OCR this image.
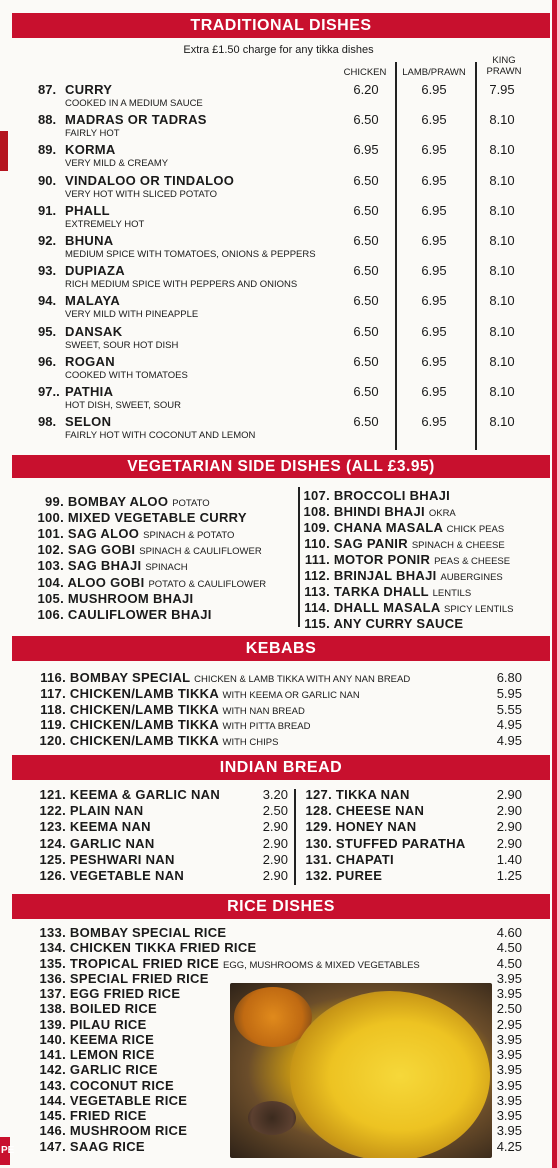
PE
TRADITIONAL DISHES
Extra £1.50 charge for any tikka dishes
CHICKEN	LAMB/PRAWN
KING PRAWN
87. CURRY
COOKED IN A MEDIUM SAUCE
6.20	6.95	7.95
88. MADRAS OR TADRAS
FAIRLY HOT
6.50	6.95	8.10
89. KORMA
VERY MILD & CREAMY
6.95	6.95	8.10
90. VINDALOO OR TINDALOO
VERY HOT WITH SLICED POTATO
6.50	6.95	8.10
91. PHALL
EXTREMELY HOT
6.50	6.95	8.10
92. BHUNA
MEDIUM SPICE WITH TOMATOES, ONIONS & PEPPERS
6.50	6.95	8.10
93. DUPIAZA
RICH MEDIUM SPICE WITH PEPPERS AND ONIONS
6.50	6.95	8.10
94. MALAYA
VERY MILD WITH PINEAPPLE
6.50	6.95	8.10
95. DANSAK
SWEET, SOUR HOT DISH
6.50	6.95	8.10
96. ROGAN
COOKED WITH TOMATOES
6.50	6.95	8.10
97.. PATHIA
HOT DISH, SWEET, SOUR
6.50	6.95	8.10
98. SELON
FAIRLY HOT WITH COCONUT AND LEMON
6.50	6.95	8.10
VEGETARIAN SIDE DISHES (ALL £3.95)
99. BOMBAY ALOO POTATO
100. MIXED VEGETABLE CURRY
101. SAG ALOO SPINACH & POTATO
102. SAG GOBI SPINACH & CAULIFLOWER
103. SAG BHAJI SPINACH
104. ALOO GOBI POTATO & CAULIFLOWER
105. MUSHROOM BHAJI
106. CAULIFLOWER BHAJI
107. BROCCOLI BHAJI
108. BHINDI BHAJI OKRA
109. CHANA MASALA CHICK PEAS
110. SAG PANIR SPINACH & CHEESE
111. MOTOR PONIR PEAS & CHEESE
112. BRINJAL BHAJI AUBERGINES
113. TARKA DHALL LENTILS
114. DHALL MASALA SPICY LENTILS
115. ANY CURRY SAUCE
KEBABS
116. BOMBAY SPECIAL CHICKEN & LAMB TIKKA WITH ANY NAN BREAD	6.80
117. CHICKEN/LAMB TIKKA WITH KEEMA OR GARLIC NAN	5.95
118. CHICKEN/LAMB TIKKA WITH NAN BREAD	5.55
119. CHICKEN/LAMB TIKKA WITH PITTA BREAD	4.95
120. CHICKEN/LAMB TIKKA WITH CHIPS	4.95
INDIAN BREAD
121. KEEMA & GARLIC NAN	3.20
122. PLAIN NAN	2.50
123. KEEMA NAN	2.90
124. GARLIC NAN	2.90
125. PESHWARI NAN	2.90
126. VEGETABLE NAN	2.90
127. TIKKA NAN	2.90
128. CHEESE NAN	2.90
129. HONEY NAN	2.90
130. STUFFED PARATHA	2.90
131. CHAPATI	1.40
132. PUREE	1.25
RICE DISHES
133. BOMBAY SPECIAL RICE	4.60
134. CHICKEN TIKKA FRIED RICE	4.50
135. TROPICAL FRIED RICE EGG, MUSHROOMS & MIXED VEGETABLES	4.50
136. SPECIAL FRIED RICE	3.95
137. EGG FRIED RICE	3.95
138. BOILED RICE	2.50
139. PILAU RICE	2.95
140. KEEMA RICE	3.95
141. LEMON RICE	3.95
142. GARLIC RICE	3.95
143. COCONUT RICE	3.95
144. VEGETABLE RICE	3.95
145. FRIED RICE	3.95
146. MUSHROOM RICE	3.95
147. SAAG RICE	4.25
